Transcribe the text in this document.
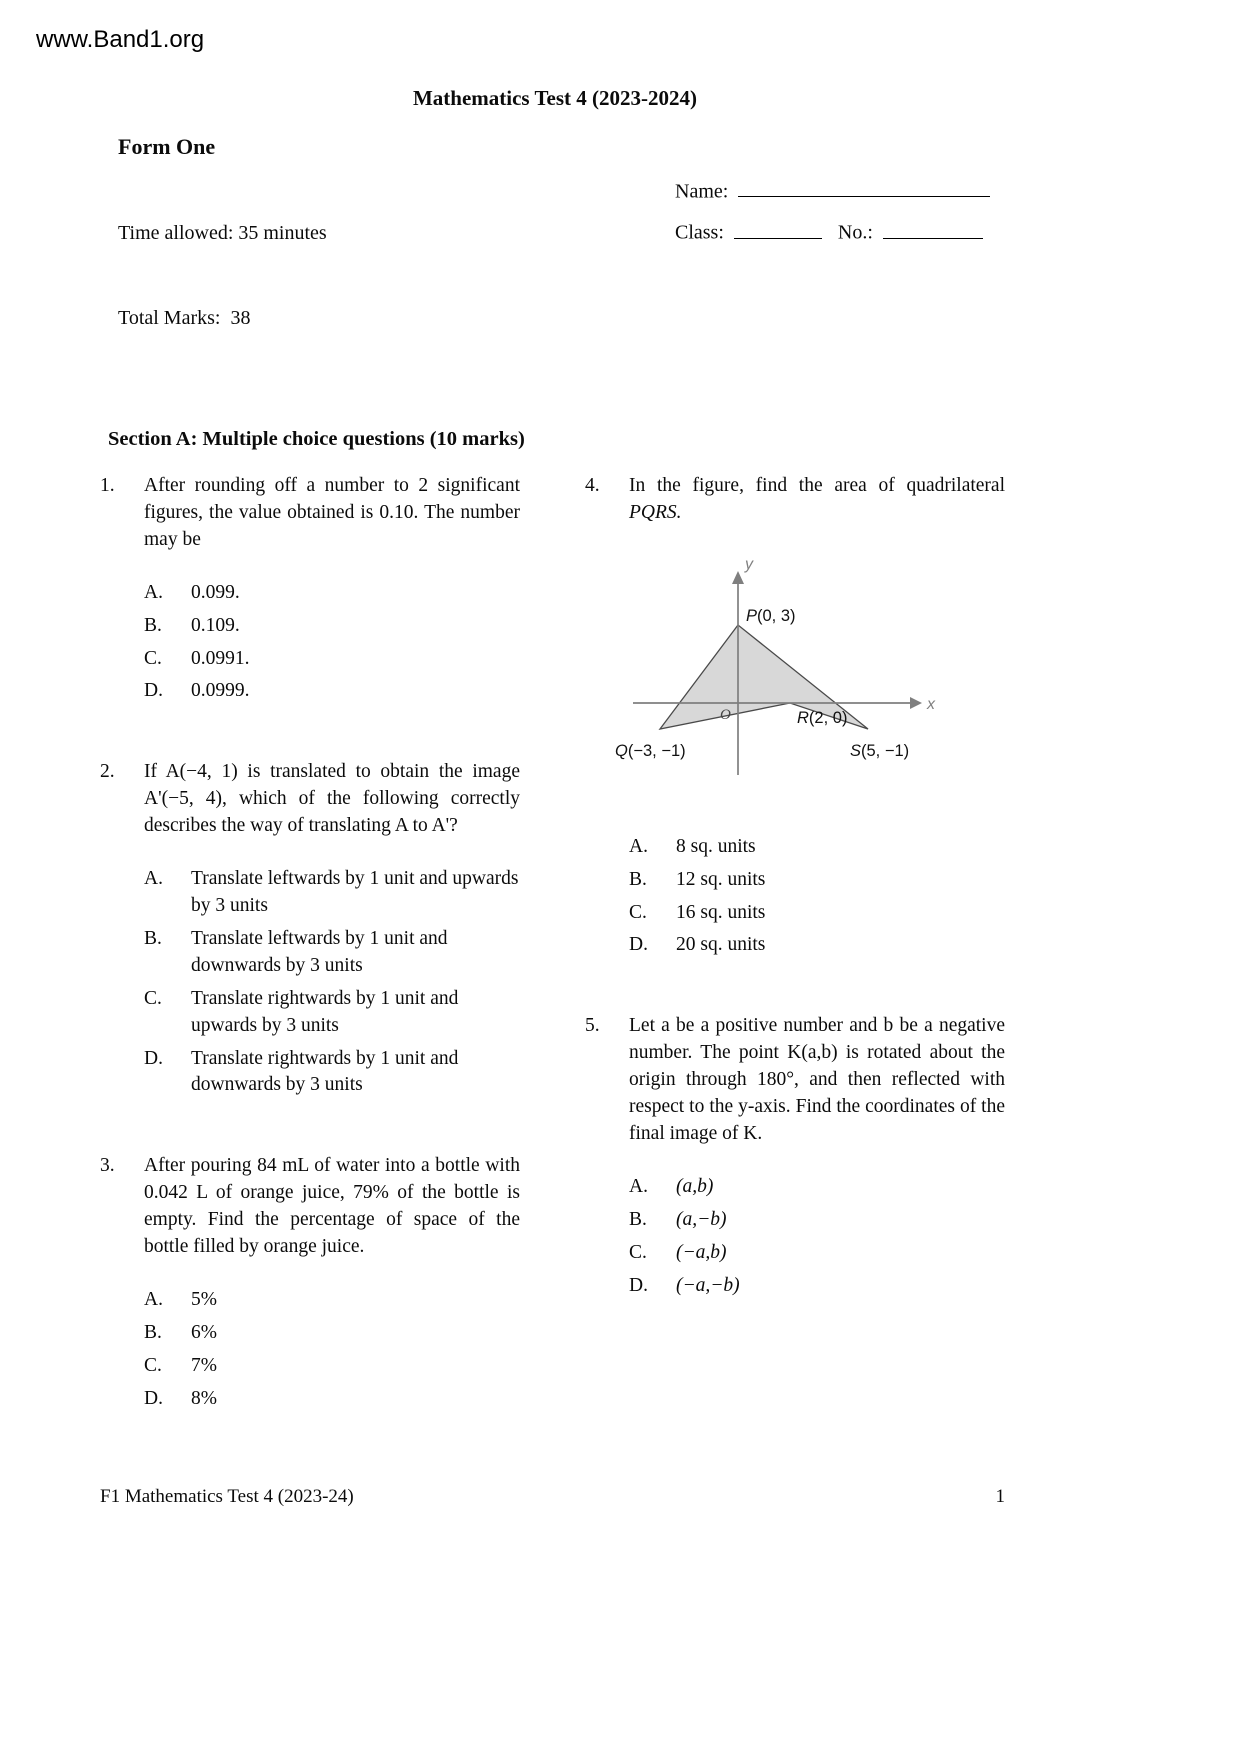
www.Band1.org
Mathematics Test 4 (2023-2024)
Form One

Time allowed: 35 minutes

Total Marks:  38

Name:
Class:	No.:
Section A: Multiple choice questions (10 marks)
1.	After rounding off a number to 2 significant figures, the value obtained is 0.10. The number may be
A.	0.099.
B.	0.109.
C.	0.0991.
D.	0.0999.
2.	If A(−4, 1) is translated to obtain the image A'(−5, 4), which of the following correctly describes the way of translating A to A'?
A.	Translate leftwards by 1 unit and upwards by 3 units
B.	Translate leftwards by 1 unit and downwards by 3 units
C.	Translate rightwards by 1 unit and upwards by 3 units
D.	Translate rightwards by 1 unit and downwards by 3 units
3.	After pouring 84 mL of water into a bottle with 0.042 L of orange juice, 79% of the bottle is empty. Find the percentage of space of the bottle filled by orange juice.
A.	5%
B.	6%
C.	7%
D.	8%
4.	In the figure, find the area of quadrilateral PQRS.
y
x
O
P(0, 3)
Q(−3, −1)
R(2, 0)
S(5, −1)
A.	8 sq. units
B.	12 sq. units
C.	16 sq. units
D.	20 sq. units
5.	Let a be a positive number and b be a negative number. The point K(a,b) is rotated about the origin through 180°, and then reflected with respect to the y-axis. Find the coordinates of the final image of K.
A.	(a,b)
B.	(a,−b)
C.	(−a,b)
D.	(−a,−b)
F1 Mathematics Test 4 (2023-24)	1
